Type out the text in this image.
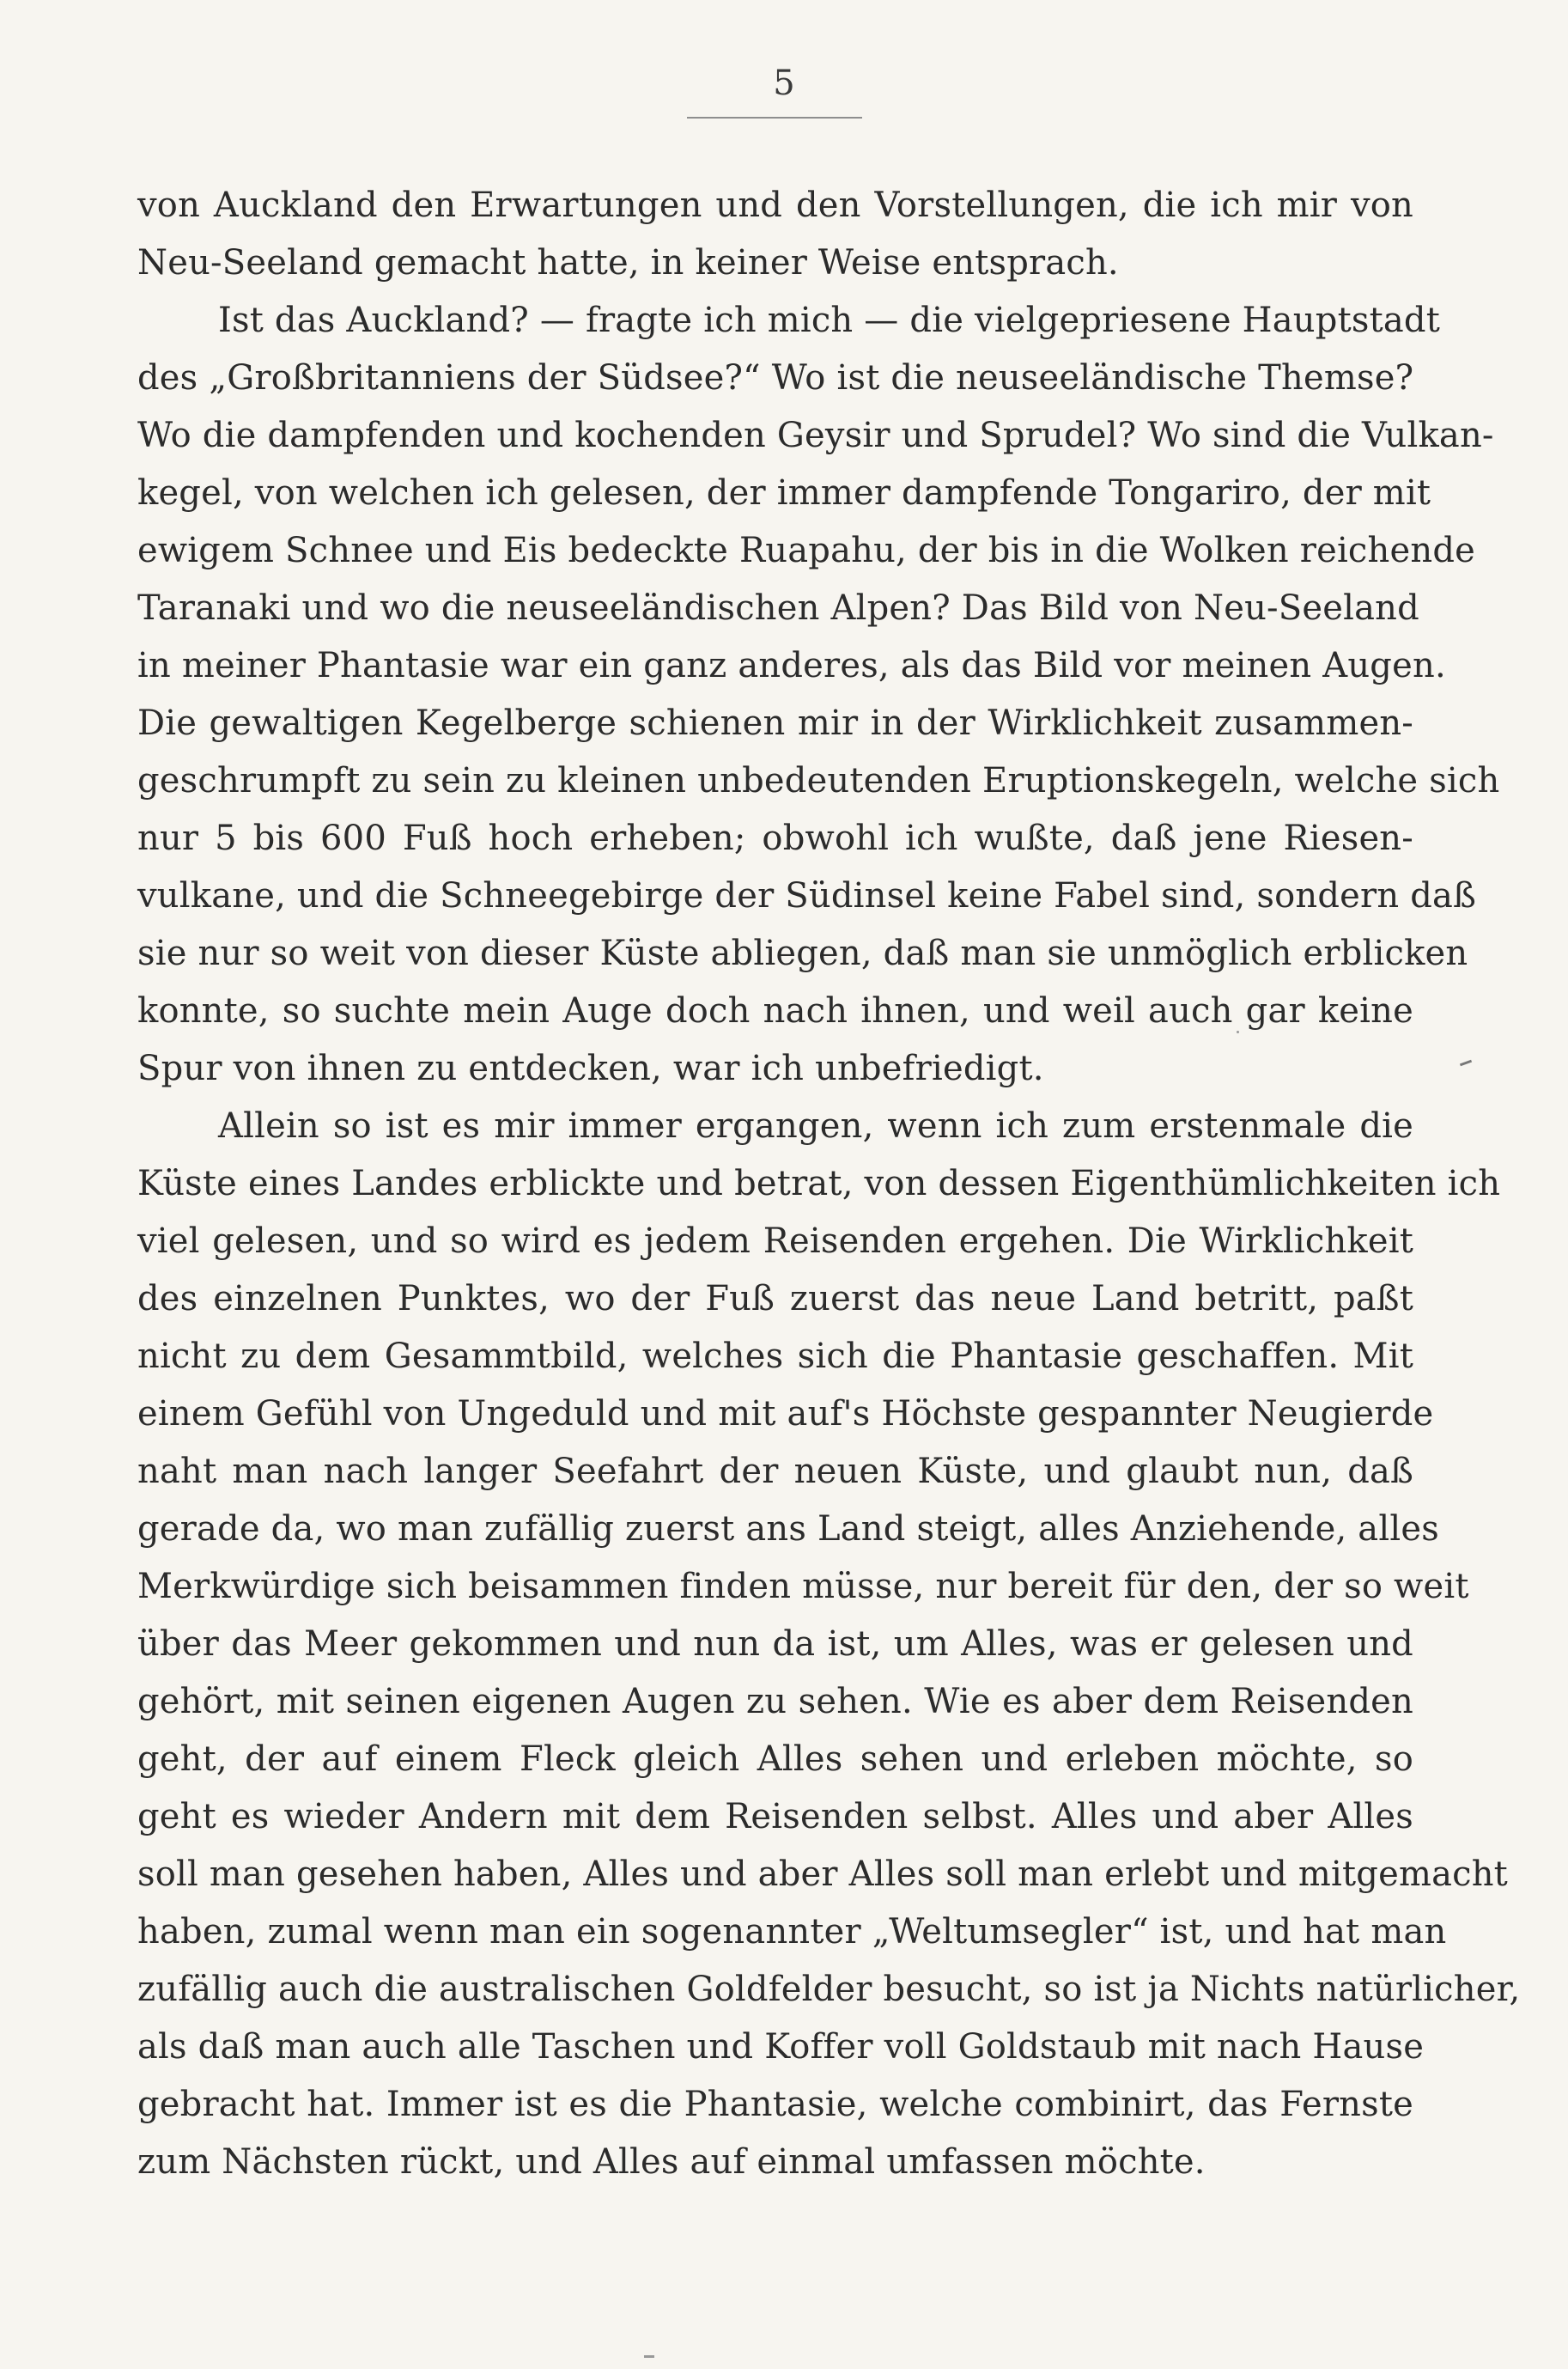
5
von Auckland den Erwartungen und den Vorstellungen, die ich mir von
Neu-Seeland gemacht hatte, in keiner Weise entsprach.
Ist das Auckland? — fragte ich mich — die vielgepriesene Hauptstadt
des „Großbritanniens der Südsee?“ Wo ist die neuseeländische Themse?
Wo die dampfenden und kochenden Geysir und Sprudel? Wo sind die Vulkan-
kegel, von welchen ich gelesen, der immer dampfende Tongariro, der mit
ewigem Schnee und Eis bedeckte Ruapahu, der bis in die Wolken reichende
Taranaki und wo die neuseeländischen Alpen? Das Bild von Neu-Seeland
in meiner Phantasie war ein ganz anderes, als das Bild vor meinen Augen.
Die gewaltigen Kegelberge schienen mir in der Wirklichkeit zusammen-
geschrumpft zu sein zu kleinen unbedeutenden Eruptionskegeln, welche sich
nur 5 bis 600 Fuß hoch erheben; obwohl ich wußte, daß jene Riesen-
vulkane, und die Schneegebirge der Südinsel keine Fabel sind, sondern daß
sie nur so weit von dieser Küste abliegen, daß man sie unmöglich erblicken
konnte, so suchte mein Auge doch nach ihnen, und weil auch gar keine
Spur von ihnen zu entdecken, war ich unbefriedigt.
Allein so ist es mir immer ergangen, wenn ich zum erstenmale die
Küste eines Landes erblickte und betrat, von dessen Eigenthümlichkeiten ich
viel gelesen, und so wird es jedem Reisenden ergehen. Die Wirklichkeit
des einzelnen Punktes, wo der Fuß zuerst das neue Land betritt, paßt
nicht zu dem Gesammtbild, welches sich die Phantasie geschaffen. Mit
einem Gefühl von Ungeduld und mit auf's Höchste gespannter Neugierde
naht man nach langer Seefahrt der neuen Küste, und glaubt nun, daß
gerade da, wo man zufällig zuerst ans Land steigt, alles Anziehende, alles
Merkwürdige sich beisammen finden müsse, nur bereit für den, der so weit
über das Meer gekommen und nun da ist, um Alles, was er gelesen und
gehört, mit seinen eigenen Augen zu sehen. Wie es aber dem Reisenden
geht, der auf einem Fleck gleich Alles sehen und erleben möchte, so
geht es wieder Andern mit dem Reisenden selbst. Alles und aber Alles
soll man gesehen haben, Alles und aber Alles soll man erlebt und mitgemacht
haben, zumal wenn man ein sogenannter „Weltumsegler“ ist, und hat man
zufällig auch die australischen Goldfelder besucht, so ist ja Nichts natürlicher,
als daß man auch alle Taschen und Koffer voll Goldstaub mit nach Hause
gebracht hat. Immer ist es die Phantasie, welche combinirt, das Fernste
zum Nächsten rückt, und Alles auf einmal umfassen möchte.
